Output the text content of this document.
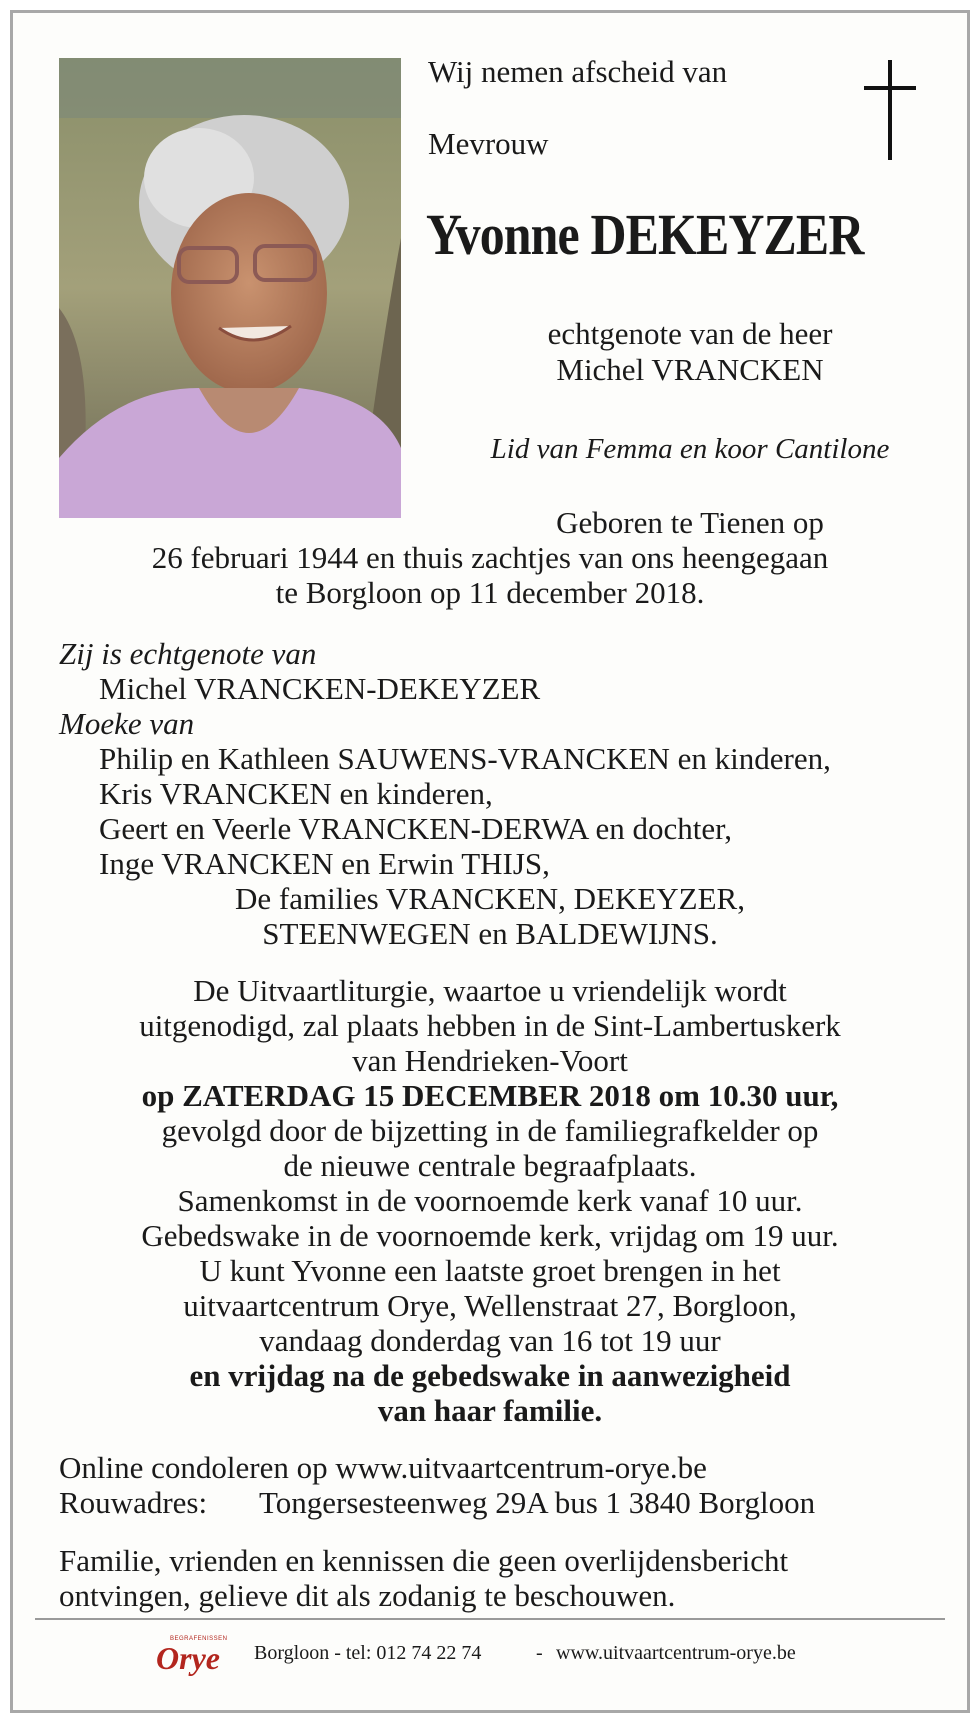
Wij nemen afscheid van
Mevrouw
Yvonne DEKEYZER
echtgenote van de heer
Michel VRANCKEN
Lid van Femma en koor Cantilone
Geboren te Tienen op
26 februari 1944 en thuis zachtjes van ons heengegaan
te Borgloon op 11 december 2018.
Zij is echtgenote van
Michel VRANCKEN-DEKEYZER
Moeke van
Philip en Kathleen SAUWENS-VRANCKEN en kinderen,
Kris VRANCKEN en kinderen,
Geert en Veerle VRANCKEN-DERWA en dochter,
Inge VRANCKEN en Erwin THIJS,
De families VRANCKEN, DEKEYZER,
STEENWEGEN en BALDEWIJNS.
De Uitvaartliturgie, waartoe u vriendelijk wordt
uitgenodigd, zal plaats hebben in de Sint-Lambertuskerk
van Hendrieken-Voort
op ZATERDAG 15 DECEMBER 2018 om 10.30 uur,
gevolgd door de bijzetting in de familiegrafkelder op
de nieuwe centrale begraafplaats.
Samenkomst in de voornoemde kerk vanaf 10 uur.
Gebedswake in de voornoemde kerk, vrijdag om 19 uur.
U kunt Yvonne een laatste groet brengen in het
uitvaartcentrum Orye, Wellenstraat 27, Borgloon,
vandaag donderdag van 16 tot 19 uur
en vrijdag na de gebedswake in aanwezigheid
van haar familie.
Online condoleren op www.uitvaartcentrum-orye.be
Rouwadres: Tongersesteenweg 29A bus 1 3840 Borgloon
Familie, vrienden en kennissen die geen overlijdensbericht
ontvingen, gelieve dit als zodanig te beschouwen.
BEGRAFENISSEN
Orye Borgloon - tel: 012 74 22 74	- www.uitvaartcentrum-orye.be
